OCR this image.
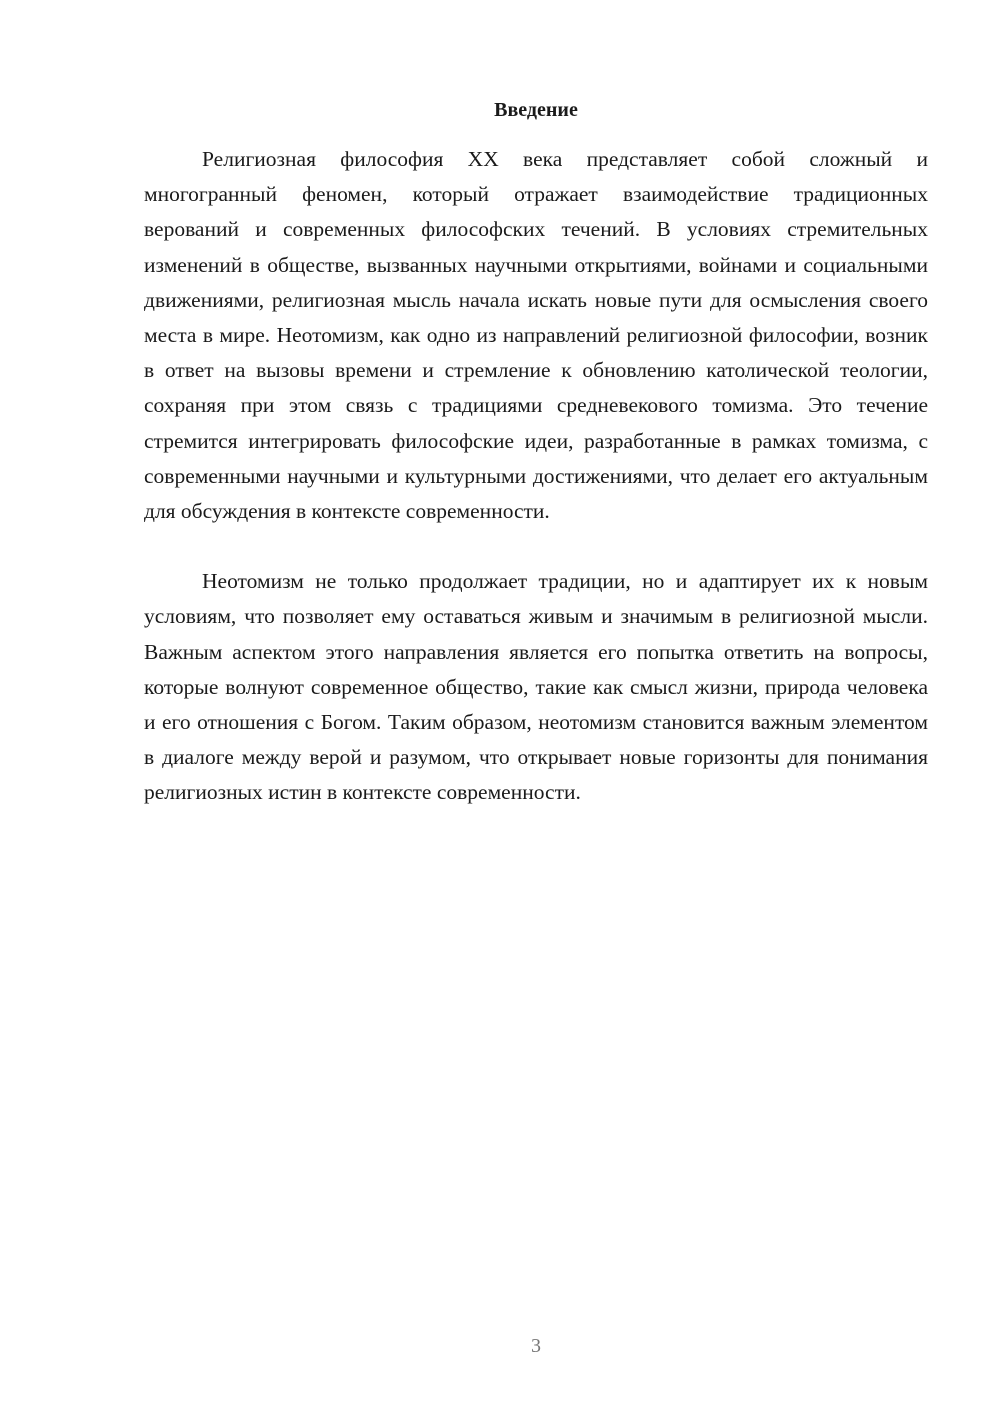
Введение

Религиозная философия XX века представляет собой сложный и многогранный феномен, который отражает взаимодействие традиционных верований и современных философских течений. В условиях стремительных изменений в обществе, вызванных научными открытиями, войнами и социальными движениями, религиозная мысль начала искать новые пути для осмысления своего места в мире. Неотомизм, как одно из направлений религиозной философии, возник в ответ на вызовы времени и стремление к обновлению католической теологии, сохраняя при этом связь с традициями средневекового томизма. Это течение стремится интегрировать философские идеи, разработанные в рамках томизма, с современными научными и культурными достижениями, что делает его актуальным для обсуждения в контексте современности.

Неотомизм не только продолжает традиции, но и адаптирует их к новым условиям, что позволяет ему оставаться живым и значимым в религиозной мысли. Важным аспектом этого направления является его попытка ответить на вопросы, которые волнуют современное общество, такие как смысл жизни, природа человека и его отношения с Богом. Таким образом, неотомизм становится важным элементом в диалоге между верой и разумом, что открывает новые горизонты для понимания религиозных истин в контексте современности.

3
